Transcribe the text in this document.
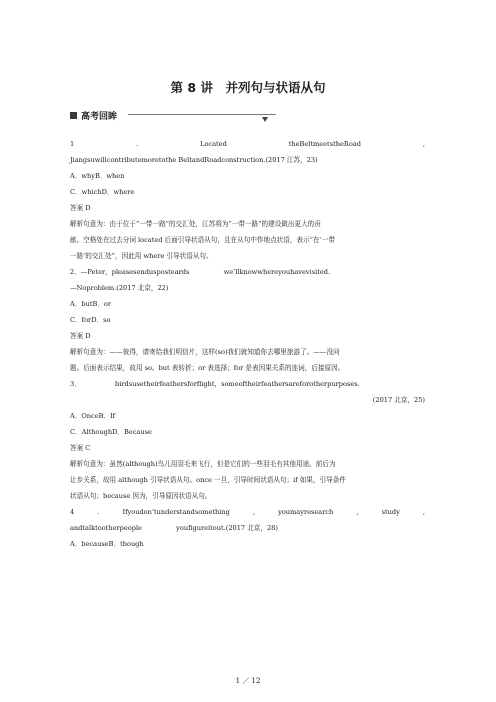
第 8 讲　并列句与状语从句
高考回眸
1	.	Located	theBeltmeetstheRoad	,
Jiangsuwillcontributemoretothe BeltandRoadconstruction.(2017 江苏，23)
A．whyB．when
C．whichD．where
答案 D
解析句意为：由于位于“一带一路”的交汇处，江苏将为“一带一路”的建设做出更大的贡
献。空格处在过去分词 located 后面引导状语从句，且在从句中作地点状语，表示“在‘一带
一路’的交汇处”，因此用 where 引导状语从句。
2．—Peter，pleasesendusposteards	we’llknowwhereyouhavevisited.
—Noproblem.(2017 北京，22)
A．butB．or
C．forD．so
答案 D
解析句意为：——彼得，请寄给我们明信片，这样(so)我们就知道你去哪里旅游了。——没问
题。后面表示结果，故用 so。but 表转折；or 表选择；for 是表因果关系的连词，后接原因。
3．	birdsusetheirfeathersforflight，someoftheirfeathersareforotherpurposes.
(2017 北京，25)
A．OnceB．If
C．AlthoughD．Because
答案 C
解析句意为：虽然(although)鸟儿用羽毛来飞行，但是它们的一些羽毛有其他用途。前后为
让步关系，故用 although 引导状语从句。once 一旦，引导时间状语从句；if 如果，引导条件
状语从句；because 因为，引导原因状语从句。
4	.	Ifyoudon’tunderstandsomething	,	youmayresearch	,	study	,
andtalktootherpeople	youfigureitout.(2017 北京，28)
A．becauseB．though
1 ／ 12
